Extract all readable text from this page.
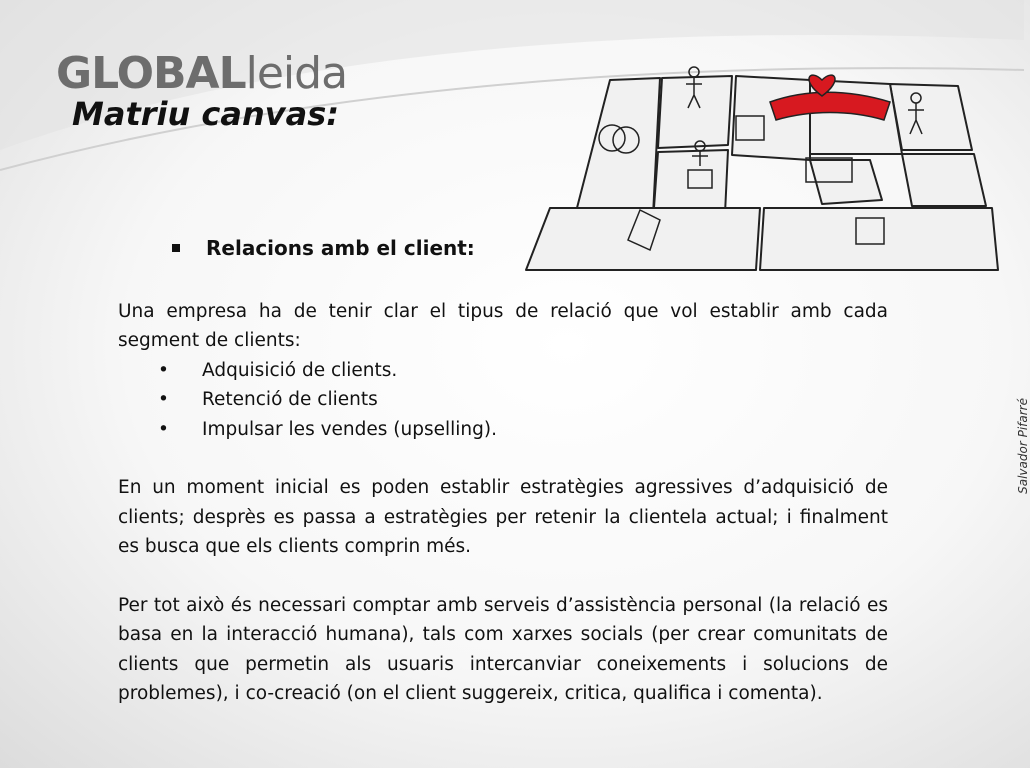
GLOBALleida
Matriu canvas:
Relacions amb el client:

Una empresa ha de tenir clar el tipus de relació que vol establir amb cada segment de clients:

• Adquisició de clients.
• Retenció de clients
• Impulsar les vendes (upselling).

En un moment inicial es poden establir estratègies agressives d’adquisició de clients; desprès es passa a estratègies per retenir la clientela actual; i finalment es busca que els clients comprin més.

Per tot això és necessari comptar amb serveis d’assistència personal (la relació es basa en la interacció humana), tals com xarxes socials (per crear comunitats de clients que permetin als usuaris intercanviar coneixements i solucions de problemes), i co-creació (on el client suggereix, critica, qualifica i comenta).

Salvador Pifarré
